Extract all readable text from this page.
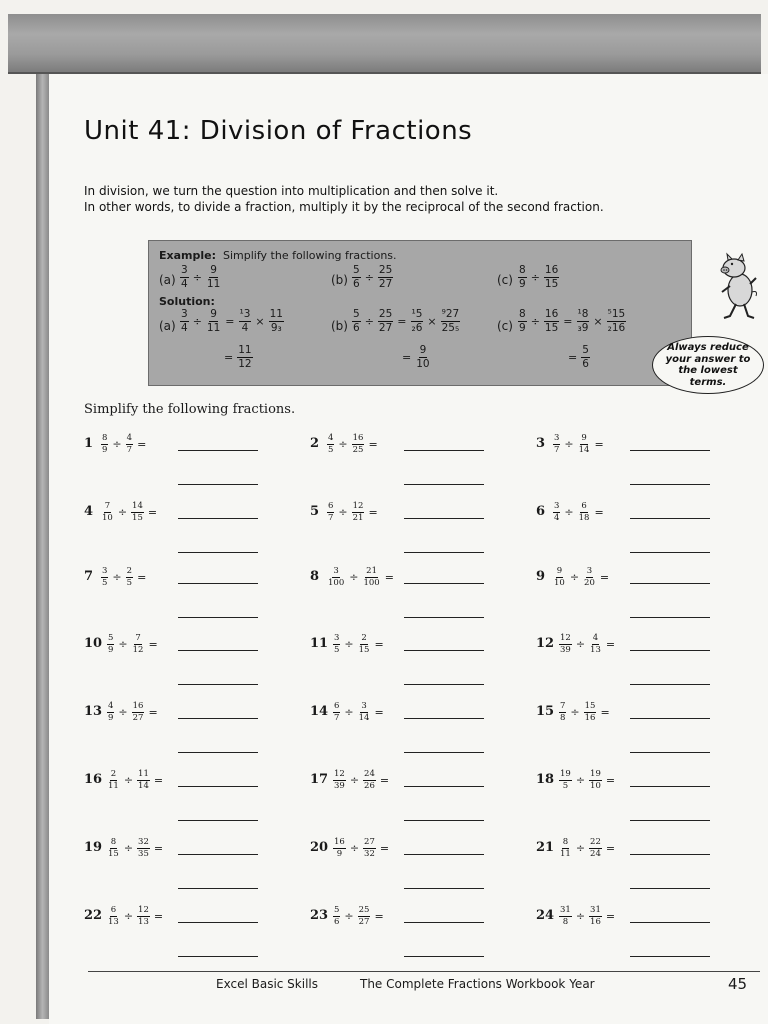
Unit 41: Division of Fractions

In division, we turn the question into multiplication and then solve it.

In other words, to divide a fraction, multiply it by the reciprocal of the second fraction.

Example: Simplify the following fractions.
$(a) \frac{3}{4} \div \frac{9}{11}$	$(b) \frac{5}{6} \div \frac{25}{27}$	$(c) \frac{8}{9} \div \frac{16}{15}$
Solution:
$(a) \frac{3}{4} \div \frac{9}{11} = \frac{\text{¹3}}{4} \times \frac{11}{\text{9₃}}$	$(b) \frac{5}{6} \div \frac{25}{27} = \frac{\text{¹5}}{\text{₂6}} \times \frac{\text{⁹27}}{\text{25₅}}$	$(c) \frac{8}{9} \div \frac{16}{15} = \frac{\text{¹8}}{\text{₃9}} \times \frac{\text{⁵15}}{\text{₂16}}$
= $\frac{11}{12}$	= $\frac{9}{10}$	= $\frac{5}{6}$	Always reduce your answer to the lowest terms.

Simplify the following fractions.

$1 \frac{8}{9} \div \frac{4}{7}$ =	$2 \frac{4}{5} \div \frac{16}{25}$ =	$3 \frac{3}{7} \div \frac{9}{14}$ =
$4 \frac{7}{10} \div \frac{14}{15}$ =	$5 \frac{6}{7} \div \frac{12}{21}$ =	$6 \frac{3}{4} \div \frac{6}{18}$ =
$7 \frac{3}{5} \div \frac{2}{5}$ =	$8 \frac{3}{100} \div \frac{21}{100}$ =	$9 \frac{9}{10} \div \frac{3}{20}$ =
$10 \frac{5}{9} \div \frac{7}{12}$ =	$11 \frac{3}{5} \div \frac{2}{15}$ =	$12 \frac{12}{39} \div \frac{4}{13}$ =
$13 \frac{4}{9} \div \frac{16}{27}$ =	$14 \frac{6}{7} \div \frac{3}{14}$ =	$15 \frac{7}{8} \div \frac{15}{16}$ =
$16 \frac{2}{11} \div \frac{11}{14}$ =	$17 \frac{12}{39} \div \frac{24}{26}$ =	$18 \frac{19}{5} \div \frac{19}{10}$ =
$19 \frac{8}{15} \div \frac{32}{35}$ =	$20 \frac{16}{9} \div \frac{27}{32}$ =	$21 \frac{8}{11} \div \frac{22}{24}$ =
$22 \frac{6}{13} \div \frac{12}{13}$ =	$23 \frac{5}{6} \div \frac{25}{27}$ =	$24 \frac{31}{8} \div \frac{31}{16}$ =

Excel Basic Skills	The Complete Fractions Workbook Year	45
